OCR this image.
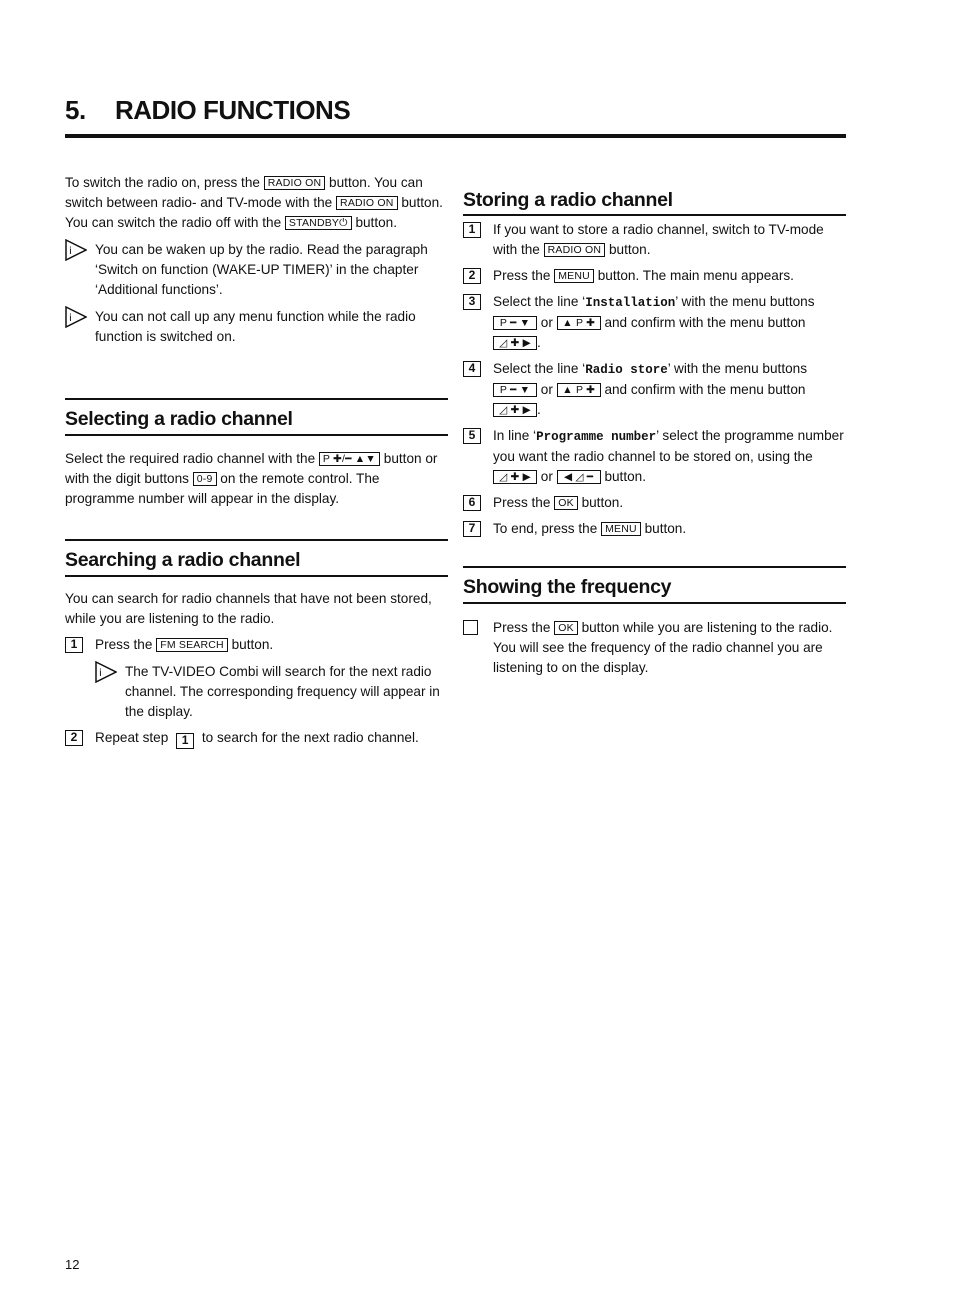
5. RADIO FUNCTIONS

To switch the radio on, press the RADIO ON button. You can switch between radio- and TV-mode with the RADIO ON button. You can switch the radio off with the STANDBY⏻ button.

i You can be waken up by the radio. Read the paragraph ‘Switch on function (WAKE-UP TIMER)’ in the chapter ‘Additional functions’.
i You can not call up any menu function while the radio function is switched on.
Selecting a radio channel

Select the required radio channel with the P ✚/━ ▲▼ button or with the digit buttons 0-9 on the remote control. The programme number will appear in the display.

Searching a radio channel

You can search for radio channels that have not been stored, while you are listening to the radio.

1	Press the FM SEARCH button.
i The TV-VIDEO Combi will search for the next radio channel. The corresponding frequency will appear in the display.
2	Repeat step 1 to search for the next radio channel.
Storing a radio channel
1	If you want to store a radio channel, switch to TV-mode with the RADIO ON button.
2	Press the MENU button. The main menu appears.
3	Select the line ‘Installation’ with the menu buttons P ━ ▼ or ▲ P ✚ and confirm with the menu button ◿ ✚ ▶ .
4	Select the line ‘Radio store’ with the menu buttons P ━ ▼ or ▲ P ✚ and confirm with the menu button ◿ ✚ ▶ .
5	In line ‘Programme number’ select the programme number you want the radio channel to be stored on, using the ◿ ✚ ▶ or ◀ ◿ ━ button.
6	Press the OK button.
7	To end, press the MENU button.
Showing the frequency
Press the OK button while you are listening to the radio. You will see the frequency of the radio channel you are listening to on the display.
12
